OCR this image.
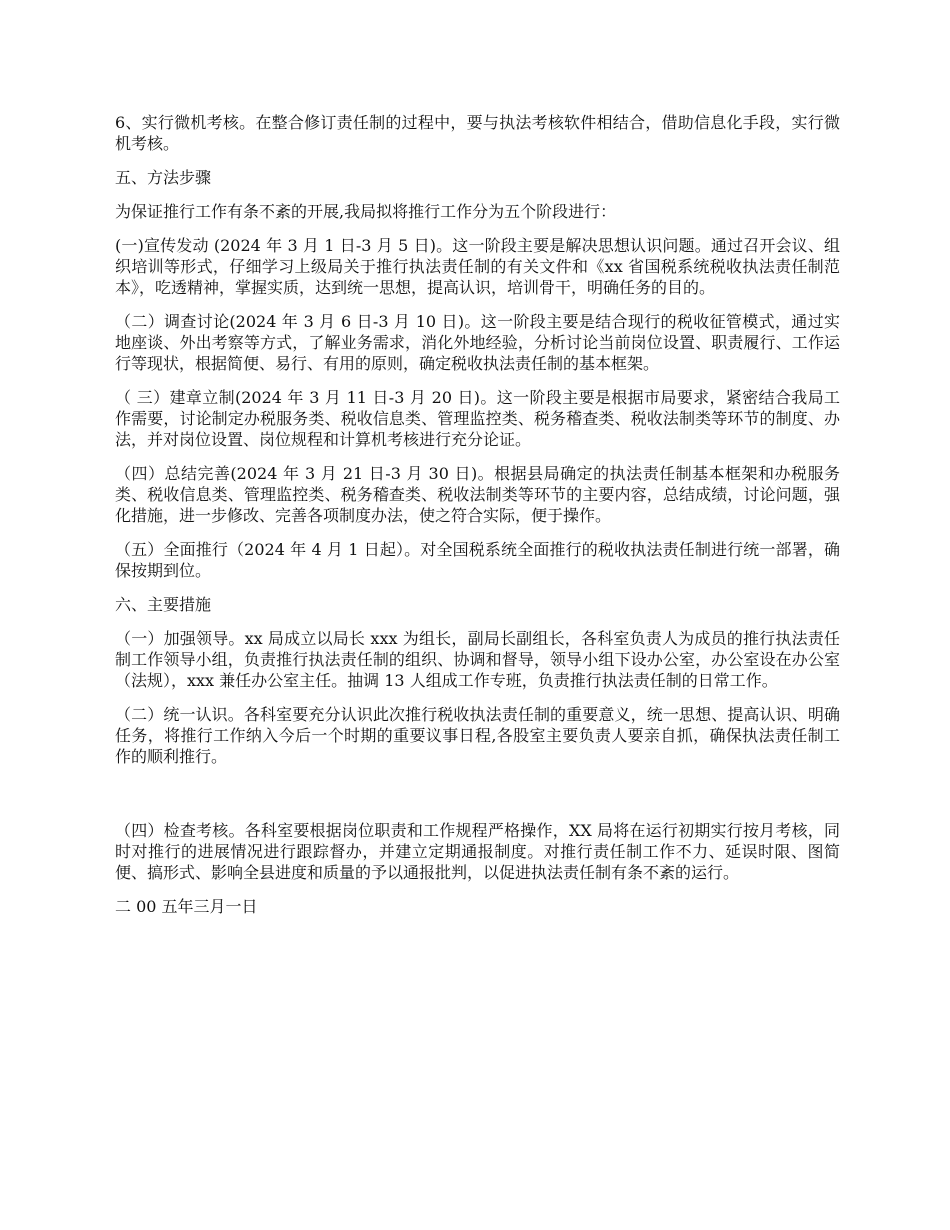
6、实行微机考核。在整合修订责任制的过程中，要与执法考核软件相结合，借助信息化手段，实行微机考核。

五、方法步骤

为保证推行工作有条不紊的开展,我局拟将推行工作分为五个阶段进行：

(一)宣传发动 (2024 年 3 月 1 日-3 月 5 日)。这一阶段主要是解决思想认识问题。通过召开会议、组织培训等形式，仔细学习上级局关于推行执法责任制的有关文件和《xx 省国税系统税收执法责任制范本》，吃透精神，掌握实质，达到统一思想，提高认识，培训骨干，明确任务的目的。

（二）调查讨论(2024 年 3 月 6 日-3 月 10 日)。这一阶段主要是结合现行的税收征管模式，通过实地座谈、外出考察等方式，了解业务需求，消化外地经验，分析讨论当前岗位设置、职责履行、工作运行等现状，根据简便、易行、有用的原则，确定税收执法责任制的基本框架。

（ 三）建章立制(2024 年 3 月 11 日-3 月 20 日)。这一阶段主要是根据市局要求，紧密结合我局工作需要，讨论制定办税服务类、税收信息类、管理监控类、税务稽查类、税收法制类等环节的制度、办法，并对岗位设置、岗位规程和计算机考核进行充分论证。

（四）总结完善(2024 年 3 月 21 日-3 月 30 日)。根据县局确定的执法责任制基本框架和办税服务类、税收信息类、管理监控类、税务稽查类、税收法制类等环节的主要内容，总结成绩，讨论问题，强化措施，进一步修改、完善各项制度办法，使之符合实际，便于操作。

（五）全面推行（2024 年 4 月 1 日起）。对全国税系统全面推行的税收执法责任制进行统一部署，确保按期到位。

六、主要措施

（一）加强领导。xx 局成立以局长 xxx 为组长，副局长副组长，各科室负责人为成员的推行执法责任制工作领导小组，负责推行执法责任制的组织、协调和督导，领导小组下设办公室，办公室设在办公室（法规），xxx 兼任办公室主任。抽调 13 人组成工作专班，负责推行执法责任制的日常工作。

（二）统一认识。各科室要充分认识此次推行税收执法责任制的重要意义，统一思想、提高认识、明确任务，将推行工作纳入今后一个时期的重要议事日程,各股室主要负责人要亲自抓，确保执法责任制工作的顺利推行。

（四）检查考核。各科室要根据岗位职责和工作规程严格操作，XX 局将在运行初期实行按月考核，同时对推行的进展情况进行跟踪督办，并建立定期通报制度。对推行责任制工作不力、延误时限、图简便、搞形式、影响全县进度和质量的予以通报批判，以促进执法责任制有条不紊的运行。

二 00 五年三月一日
